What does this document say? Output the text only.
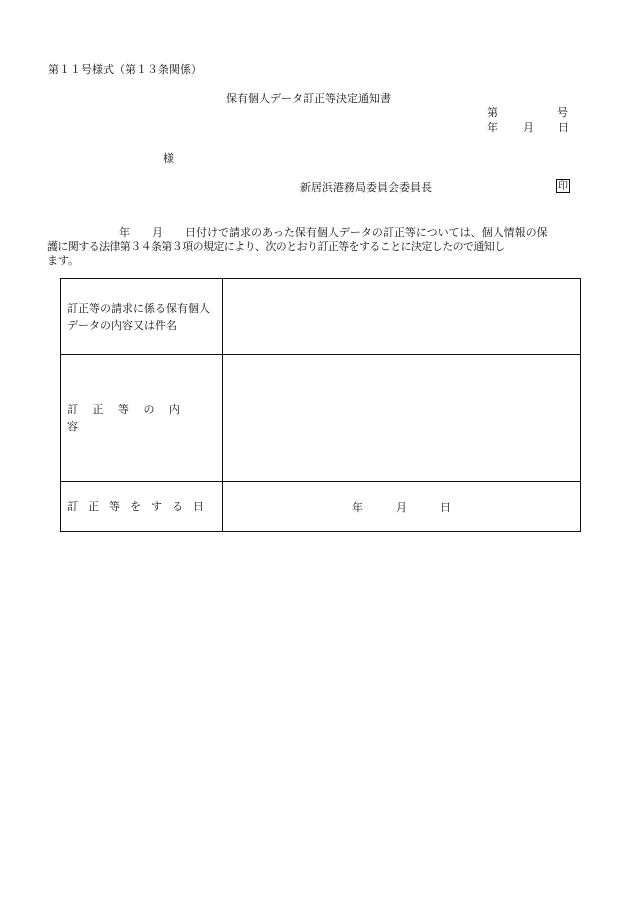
第１１号様式（第１３条関係）
保有個人データ訂正等決定通知書
第	号
年 月 日
様
新居浜港務局委員会委員長	印
年　　月　　日付けで請求のあった保有個人データの訂正等については、個人情報の保
護に関する法律第３４条第３項の規定により、次のとおり訂正等をすることに決定したので通知し
ます。
訂正等の請求に係る保有個人データの内容又は件名	
訂正等の内容	
訂正等をする日	年　　　月　　　日
